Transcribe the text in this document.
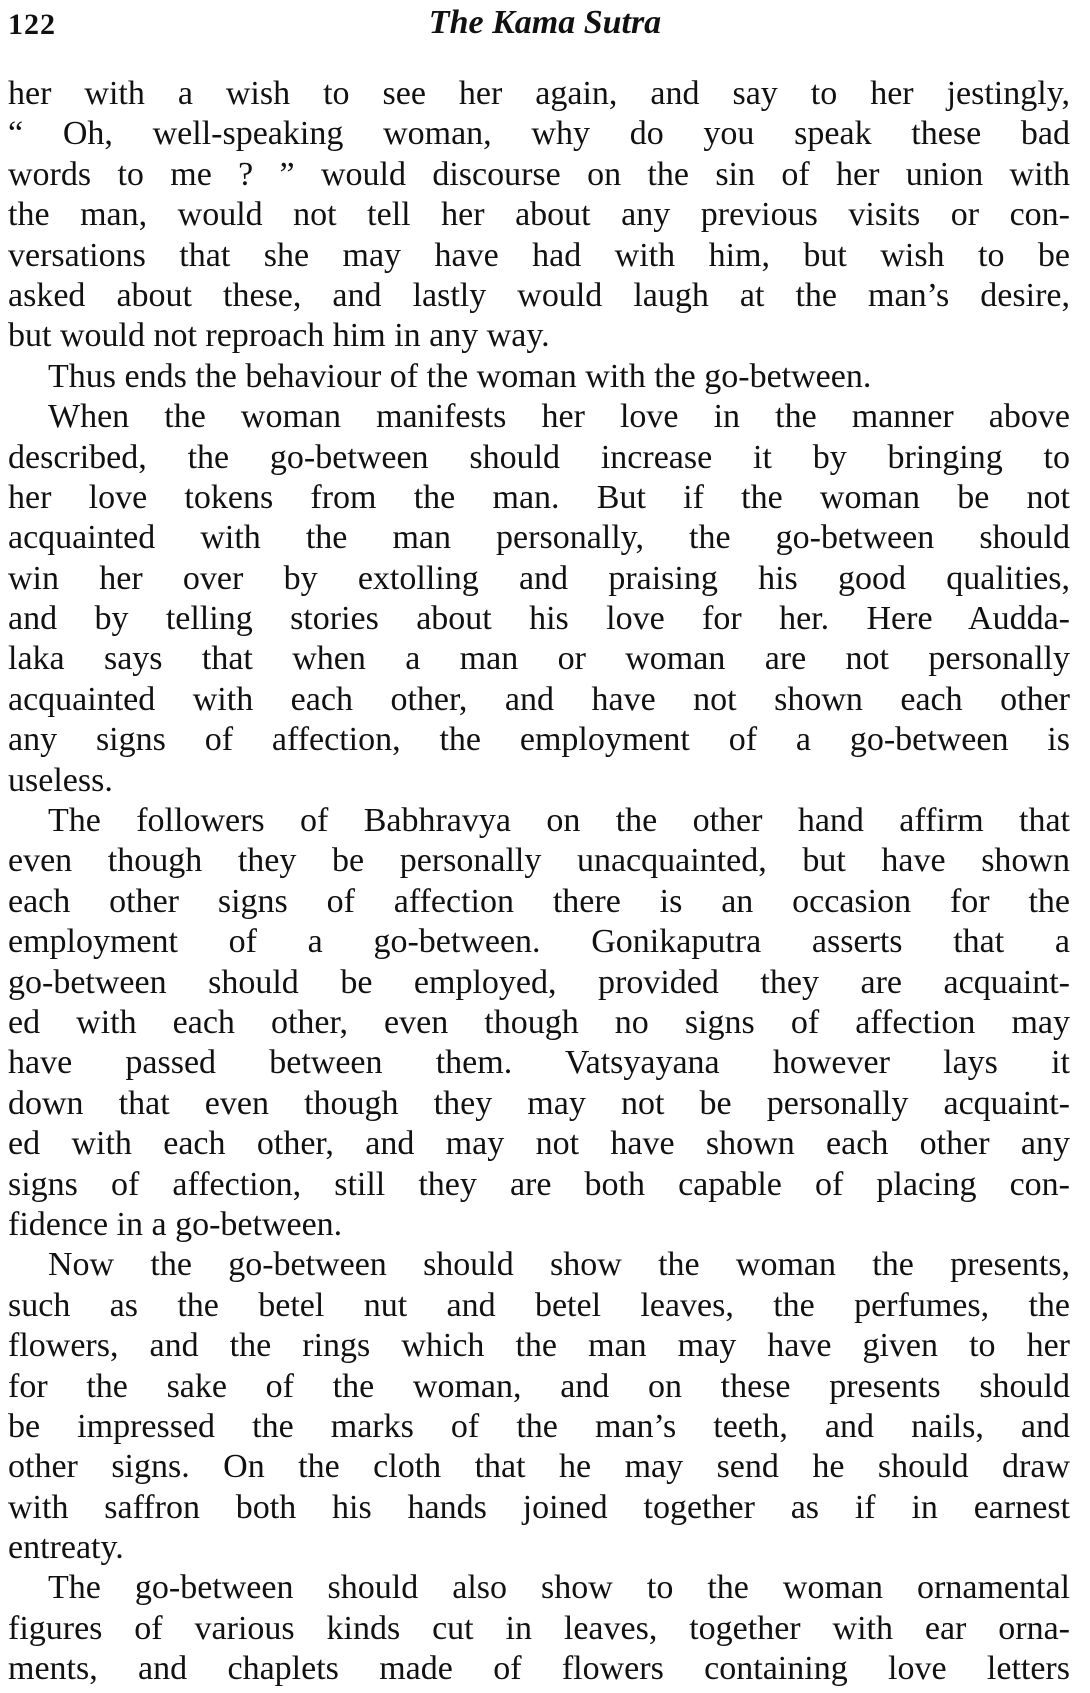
122	The Kama Sutra
her with a wish to see her again, and say to her jestingly,
“ Oh, well-speaking woman, why do you speak these bad
words to me ? ” would discourse on the sin of her union with
the man, would not tell her about any previous visits or con-
versations that she may have had with him, but wish to be
asked about these, and lastly would laugh at the man’s desire,
but would not reproach him in any way.
Thus ends the behaviour of the woman with the go-between.
When the woman manifests her love in the manner above
described, the go-between should increase it by bringing to
her love tokens from the man. But if the woman be not
acquainted with the man personally, the go-between should
win her over by extolling and praising his good qualities,
and by telling stories about his love for her. Here Audda-
laka says that when a man or woman are not personally
acquainted with each other, and have not shown each other
any signs of affection, the employment of a go-between is
useless.
The followers of Babhravya on the other hand affirm that
even though they be personally unacquainted, but have shown
each other signs of affection there is an occasion for the
employment of a go-between. Gonikaputra asserts that a
go-between should be employed, provided they are acquaint-
ed with each other, even though no signs of affection may
have passed between them. Vatsyayana however lays it
down that even though they may not be personally acquaint-
ed with each other, and may not have shown each other any
signs of affection, still they are both capable of placing con-
fidence in a go-between.
Now the go-between should show the woman the presents,
such as the betel nut and betel leaves, the perfumes, the
flowers, and the rings which the man may have given to her
for the sake of the woman, and on these presents should
be impressed the marks of the man’s teeth, and nails, and
other signs. On the cloth that he may send he should draw
with saffron both his hands joined together as if in earnest
entreaty.
The go-between should also show to the woman ornamental
figures of various kinds cut in leaves, together with ear orna-
ments, and chaplets made of flowers containing love letters
